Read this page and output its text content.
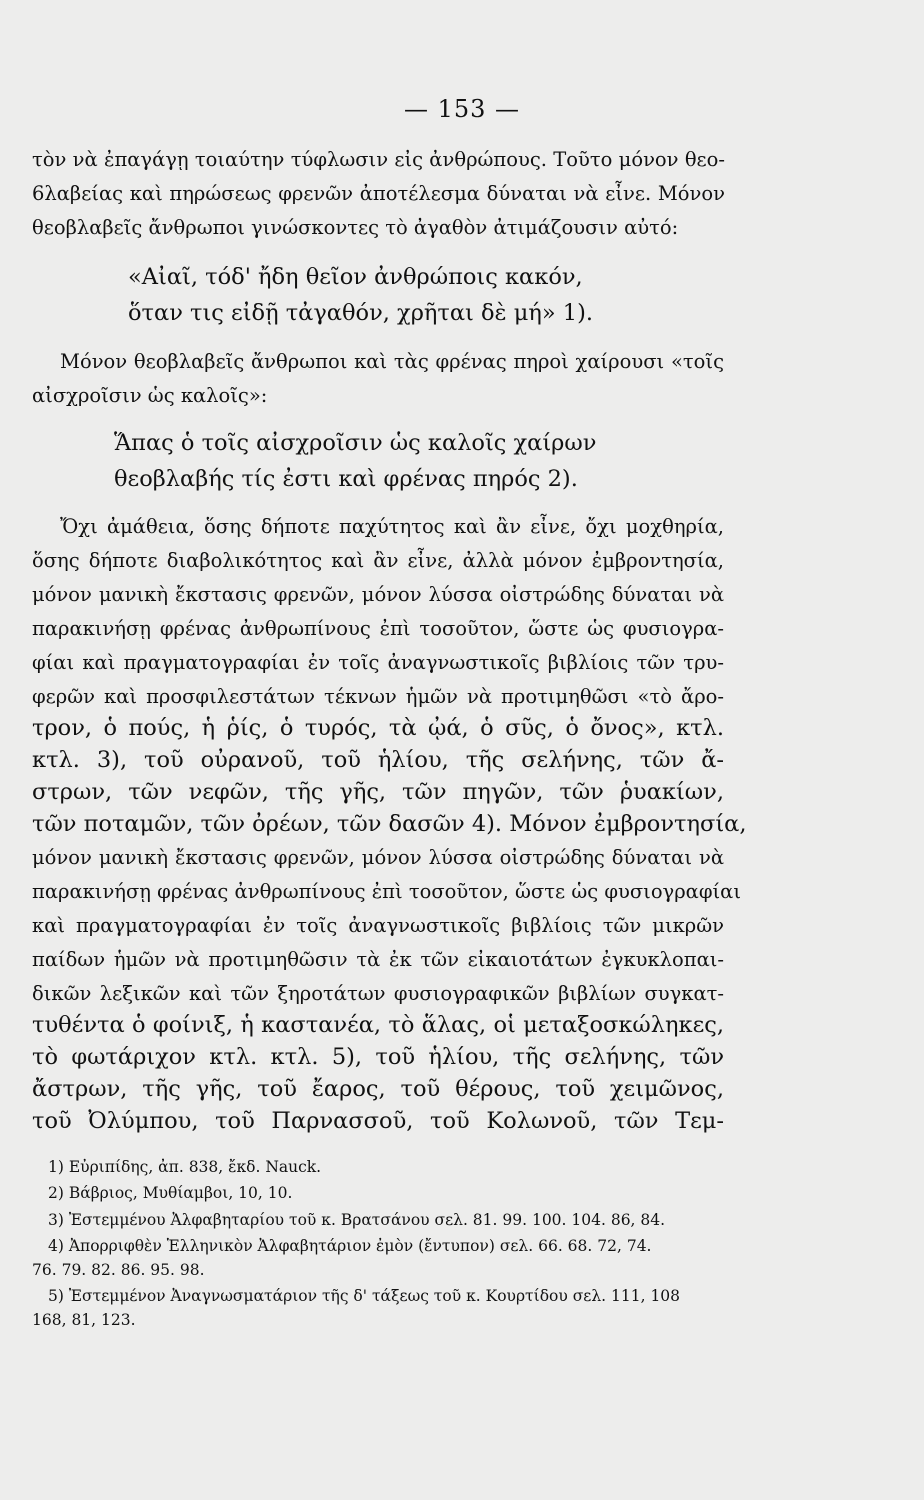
— 153 —
τὸν νὰ ἐπαγάγῃ τοιαύτην τύφλωσιν εἰς ἀνθρώπους. Τοῦτο μόνον θεο-
6λαβείας καὶ πηρώσεως φρενῶν ἀποτέλεσμα δύναται νὰ εἶνε. Μόνον
θεοβλαβεῖς ἄνθρωποι γινώσκοντες τὸ ἀγαθὸν ἀτιμάζουσιν αὐτό:
«Αἰαῖ, τόδ' ἤδη θεῖον ἀνθρώποις κακόν,
ὅταν τις εἰδῇ τἀγαθόν, χρῆται δὲ μή» 1).
Μόνον θεοβλαβεῖς ἄνθρωποι καὶ τὰς φρένας πηροὶ χαίρουσι «τοῖς
αἰσχροῖσιν ὡς καλοῖς»:
Ἅπας ὁ τοῖς αἰσχροῖσιν ὡς καλοῖς χαίρων
θεοβλαβής τίς ἐστι καὶ φρένας πηρός 2).
Ὄχι ἀμάθεια, ὅσης δήποτε παχύτητος καὶ ἂν εἶνε, ὄχι μοχθηρία,
ὅσης δήποτε διαβολικότητος καὶ ἂν εἶνε, ἀλλὰ μόνον ἐμβροντησία,
μόνον μανικὴ ἔκστασις φρενῶν, μόνον λύσσα οἰστρώδης δύναται νὰ
παρακινήσῃ φρένας ἀνθρωπίνους ἐπὶ τοσοῦτον, ὥστε ὡς φυσιογρα-
φίαι καὶ πραγματογραφίαι ἐν τοῖς ἀναγνωστικοῖς βιβλίοις τῶν τρυ-
φερῶν καὶ προσφιλεστάτων τέκνων ἡμῶν νὰ προτιμηθῶσι «τὸ ἄρο-
τρον, ὁ πούς, ἡ ῥίς, ὁ τυρός, τὰ ᾠά, ὁ σῦς, ὁ ὄνος», κτλ.
κτλ. 3), τοῦ οὐρανοῦ, τοῦ ἡλίου, τῆς σελήνης, τῶν ἄ-
στρων, τῶν νεφῶν, τῆς γῆς, τῶν πηγῶν, τῶν ῥυακίων,
τῶν ποταμῶν, τῶν ὀρέων, τῶν δασῶν 4). Μόνον ἐμβροντησία,
μόνον μανικὴ ἔκστασις φρενῶν, μόνον λύσσα οἰστρώδης δύναται νὰ
παρακινήσῃ φρένας ἀνθρωπίνους ἐπὶ τοσοῦτον, ὥστε ὡς φυσιογραφίαι
καὶ πραγματογραφίαι ἐν τοῖς ἀναγνωστικοῖς βιβλίοις τῶν μικρῶν
παίδων ἡμῶν νὰ προτιμηθῶσιν τὰ ἐκ τῶν εἰκαιοτάτων ἐγκυκλοπαι-
δικῶν λεξικῶν καὶ τῶν ξηροτάτων φυσιογραφικῶν βιβλίων συγκατ-
τυθέντα ὁ φοίνιξ, ἡ καστανέα, τὸ ἅλας, οἱ μεταξοσκώληκες,
τὸ φωτάριχον κτλ. κτλ. 5), τοῦ ἡλίου, τῆς σελήνης, τῶν
ἄστρων, τῆς γῆς, τοῦ ἔαρος, τοῦ θέρους, τοῦ χειμῶνος,
τοῦ Ὀλύμπου, τοῦ Παρνασσοῦ, τοῦ Κολωνοῦ, τῶν Τεμ-
1) Εὐριπίδης, ἀπ. 838, ἔκδ. Nauck.
2) Βάβριος, Μυθίαμβοι, 10, 10.
3) Ἐστεμμένου Ἀλφαβηταρίου τοῦ κ. Βρατσάνου σελ. 81. 99. 100. 104. 86, 84.
4) Ἀπορριφθὲν Ἑλληνικὸν Ἀλφαβητάριον ἐμὸν (ἔντυπον) σελ. 66. 68. 72, 74.
76. 79. 82. 86. 95. 98.
5) Ἐστεμμένον Ἀναγνωσματάριον τῆς δ' τάξεως τοῦ κ. Κουρτίδου σελ. 111, 108
168, 81, 123.
